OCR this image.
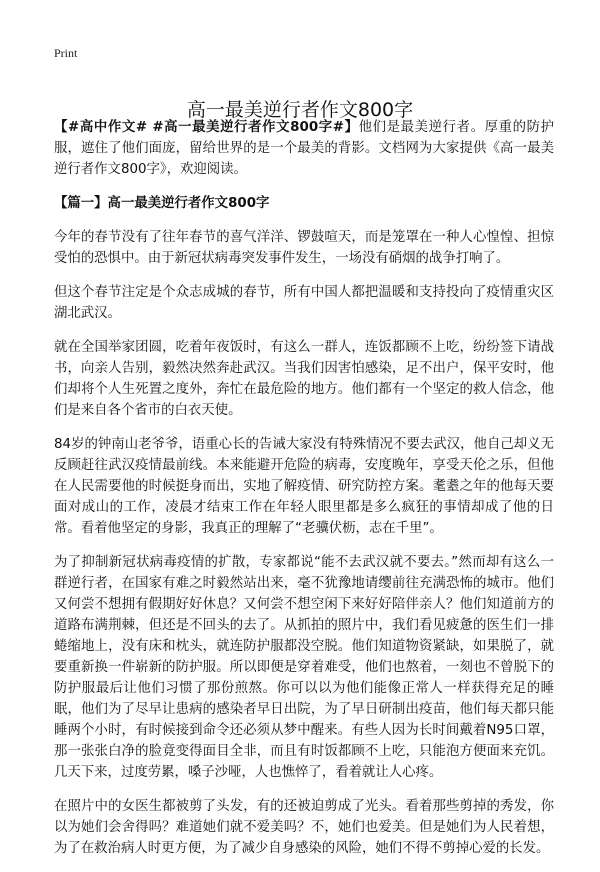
Print
高一最美逆行者作文800字

【#高中作文# #高一最美逆行者作文800字#】他们是最美逆行者。厚重的防护服，遮住了他们面庞，留给世界的是一个最美的背影。文档网为大家提供《高一最美逆行者作文800字》，欢迎阅读。

【篇一】高一最美逆行者作文800字

今年的春节没有了往年春节的喜气洋洋、锣鼓喧天，而是笼罩在一种人心惶惶、担惊受怕的恐惧中。由于新冠状病毒突发事件发生，一场没有硝烟的战争打响了。

但这个春节注定是个众志成城的春节，所有中国人都把温暖和支持投向了疫情重灾区湖北武汉。

就在全国举家团圆，吃着年夜饭时，有这么一群人，连饭都顾不上吃，纷纷签下请战书，向亲人告别，毅然决然奔赴武汉。当我们因害怕感染，足不出户，保平安时，他们却将个人生死置之度外，奔忙在最危险的地方。他们都有一个坚定的救人信念，他们是来自各个省市的白衣天使。

84岁的钟南山老爷爷，语重心长的告诫大家没有特殊情况不要去武汉，他自己却义无反顾赶往武汉疫情最前线。本来能避开危险的病毒，安度晚年，享受天伦之乐，但他在人民需要他的时候挺身而出，实地了解疫情、研究防控方案。耄耋之年的他每天要面对成山的工作，凌晨才结束工作在年轻人眼里都是多么疯狂的事情却成了他的日常。看着他坚定的身影，我真正的理解了“老骥伏枥，志在千里”。

为了抑制新冠状病毒疫情的扩散，专家都说“能不去武汉就不要去。”然而却有这么一群逆行者，在国家有难之时毅然站出来，毫不犹豫地请缨前往充满恐怖的城市。他们又何尝不想拥有假期好好休息？又何尝不想空闲下来好好陪伴亲人？他们知道前方的道路布满荆棘，但还是不回头的去了。从抓拍的照片中，我们看见疲惫的医生们一排蜷缩地上，没有床和枕头，就连防护服都没空脱。他们知道物资紧缺，如果脱了，就要重新换一件崭新的防护服。所以即便是穿着难受，他们也熬着，一刻也不曾脱下的防护服最后让他们习惯了那份煎熬。你可以以为他们能像正常人一样获得充足的睡眠，他们为了尽早让患病的感染者早日出院，为了早日研制出疫苗，他们每天都只能睡两个小时，有时候接到命令还必须从梦中醒来。有些人因为长时间戴着N95口罩，那一张张白净的脸竟变得面目全非，而且有时饭都顾不上吃，只能泡方便面来充饥。几天下来，过度劳累，嗓子沙哑，人也憔悴了，看着就让人心疼。

在照片中的女医生都被剪了头发，有的还被迫剪成了光头。看着那些剪掉的秀发，你以为她们会舍得吗？难道她们就不爱美吗？不，她们也爱美。但是她们为人民着想，为了在救治病人时更方便，为了减少自身感染的风险，她们不得不剪掉心爱的长发。
